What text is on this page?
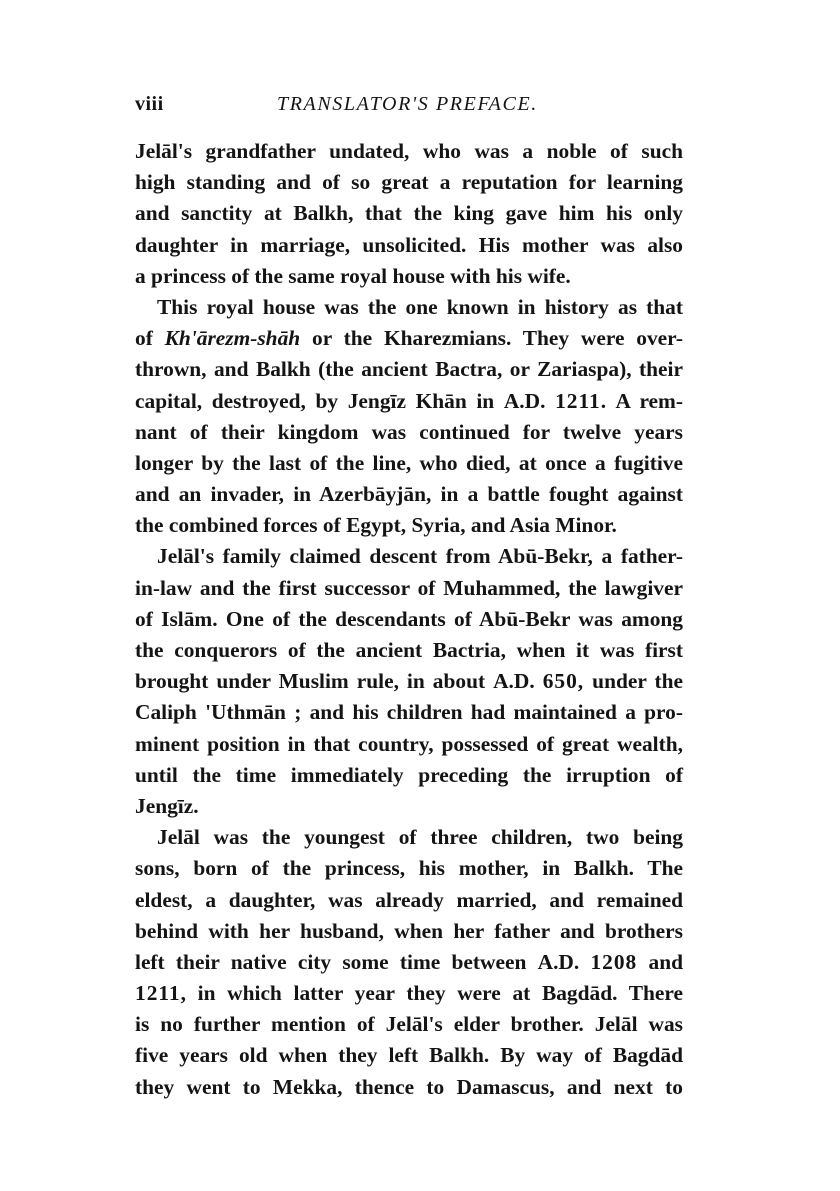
viii	TRANSLATOR'S PREFACE.
Jelāl's grandfather undated, who was a noble of such
high standing and of so great a reputation for learning
and sanctity at Balkh, that the king gave him his only
daughter in marriage, unsolicited. His mother was also
a princess of the same royal house with his wife.
This royal house was the one known in history as that
of Kh'ārezm-shāh or the Kharezmians. They were over-
thrown, and Balkh (the ancient Bactra, or Zariaspa), their
capital, destroyed, by Jengīz Khān in A.D. 1211. A rem-
nant of their kingdom was continued for twelve years
longer by the last of the line, who died, at once a fugitive
and an invader, in Azerbāyjān, in a battle fought against
the combined forces of Egypt, Syria, and Asia Minor.
Jelāl's family claimed descent from Abū-Bekr, a father-
in-law and the first successor of Muhammed, the lawgiver
of Islām. One of the descendants of Abū-Bekr was among
the conquerors of the ancient Bactria, when it was first
brought under Muslim rule, in about A.D. 650, under the
Caliph 'Uthmān ; and his children had maintained a pro-
minent position in that country, possessed of great wealth,
until the time immediately preceding the irruption of
Jengīz.
Jelāl was the youngest of three children, two being
sons, born of the princess, his mother, in Balkh. The
eldest, a daughter, was already married, and remained
behind with her husband, when her father and brothers
left their native city some time between A.D. 1208 and
1211, in which latter year they were at Bagdād. There
is no further mention of Jelāl's elder brother. Jelāl was
five years old when they left Balkh. By way of Bagdād
they went to Mekka, thence to Damascus, and next to
